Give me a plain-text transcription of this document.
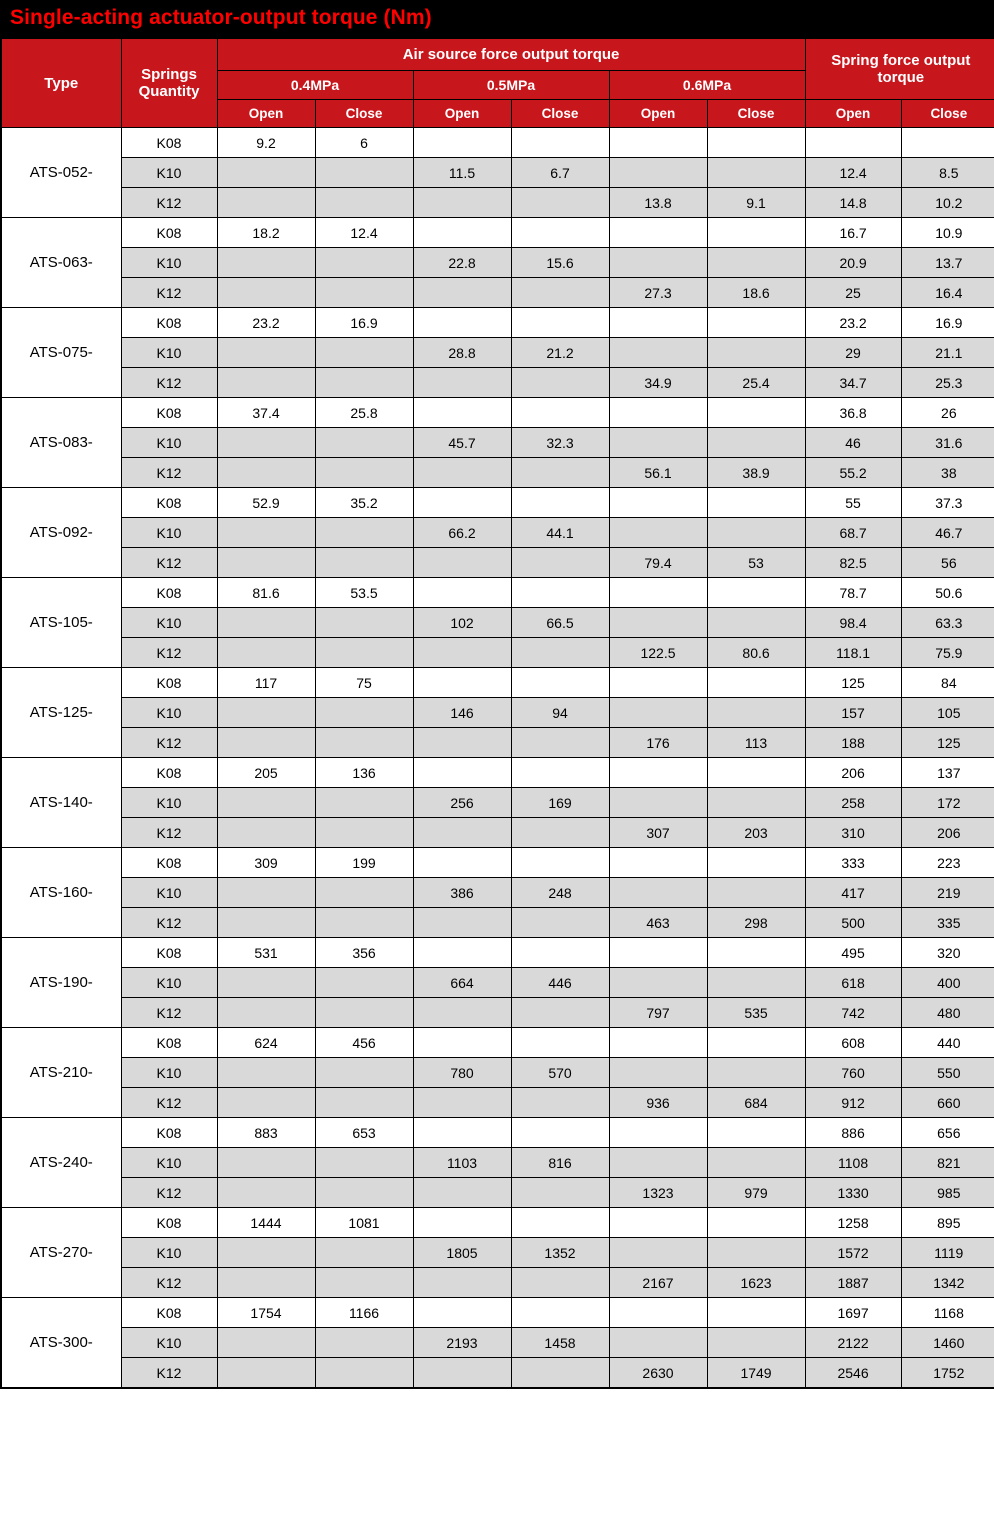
Single-acting actuator-output torque (Nm)
Type	Springs Quantity	Air source force output torque						Spring force output torque	
		0.4MPa		0.5MPa		0.6MPa			
		Open	Close	Open	Close	Open	Close	Open	Close
ATS-052-	K08	9.2	6						
	K10			11.5	6.7			12.4	8.5
	K12					13.8	9.1	14.8	10.2
ATS-063-	K08	18.2	12.4					16.7	10.9
	K10			22.8	15.6			20.9	13.7
	K12					27.3	18.6	25	16.4
ATS-075-	K08	23.2	16.9					23.2	16.9
	K10			28.8	21.2			29	21.1
	K12					34.9	25.4	34.7	25.3
ATS-083-	K08	37.4	25.8					36.8	26
	K10			45.7	32.3			46	31.6
	K12					56.1	38.9	55.2	38
ATS-092-	K08	52.9	35.2					55	37.3
	K10			66.2	44.1			68.7	46.7
	K12					79.4	53	82.5	56
ATS-105-	K08	81.6	53.5					78.7	50.6
	K10			102	66.5			98.4	63.3
	K12					122.5	80.6	118.1	75.9
ATS-125-	K08	117	75					125	84
	K10			146	94			157	105
	K12					176	113	188	125
ATS-140-	K08	205	136					206	137
	K10			256	169			258	172
	K12					307	203	310	206
ATS-160-	K08	309	199					333	223
	K10			386	248			417	219
	K12					463	298	500	335
ATS-190-	K08	531	356					495	320
	K10			664	446			618	400
	K12					797	535	742	480
ATS-210-	K08	624	456					608	440
	K10			780	570			760	550
	K12					936	684	912	660
ATS-240-	K08	883	653					886	656
	K10			1103	816			1108	821
	K12					1323	979	1330	985
ATS-270-	K08	1444	1081					1258	895
	K10			1805	1352			1572	1119
	K12					2167	1623	1887	1342
ATS-300-	K08	1754	1166					1697	1168
	K10			2193	1458			2122	1460
	K12					2630	1749	2546	1752
